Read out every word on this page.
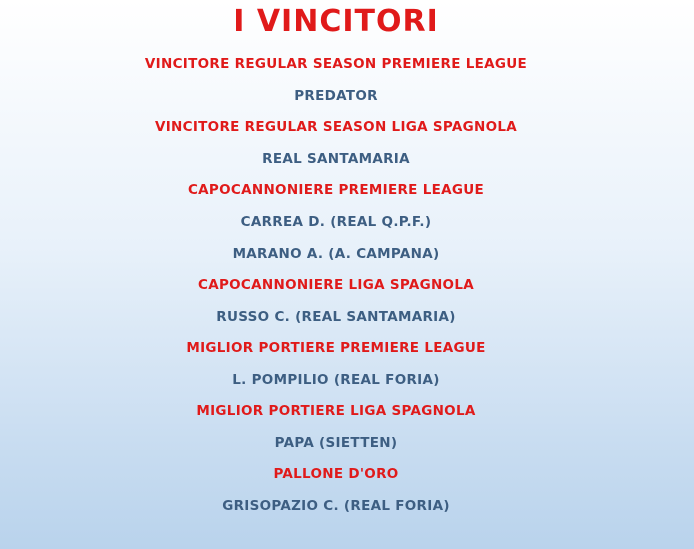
I VINCITORI
VINCITORE REGULAR SEASON PREMIERE LEAGUE
PREDATOR
VINCITORE REGULAR SEASON LIGA SPAGNOLA
REAL SANTAMARIA
CAPOCANNONIERE PREMIERE LEAGUE
CARREA D. (REAL Q.P.F.)
MARANO A. (A. CAMPANA)
CAPOCANNONIERE LIGA SPAGNOLA
RUSSO C. (REAL SANTAMARIA)
MIGLIOR PORTIERE PREMIERE LEAGUE
L. POMPILIO (REAL FORIA)
MIGLIOR PORTIERE LIGA SPAGNOLA
PAPA (SIETTEN)
PALLONE D'ORO
GRISOPAZIO C. (REAL FORIA)
